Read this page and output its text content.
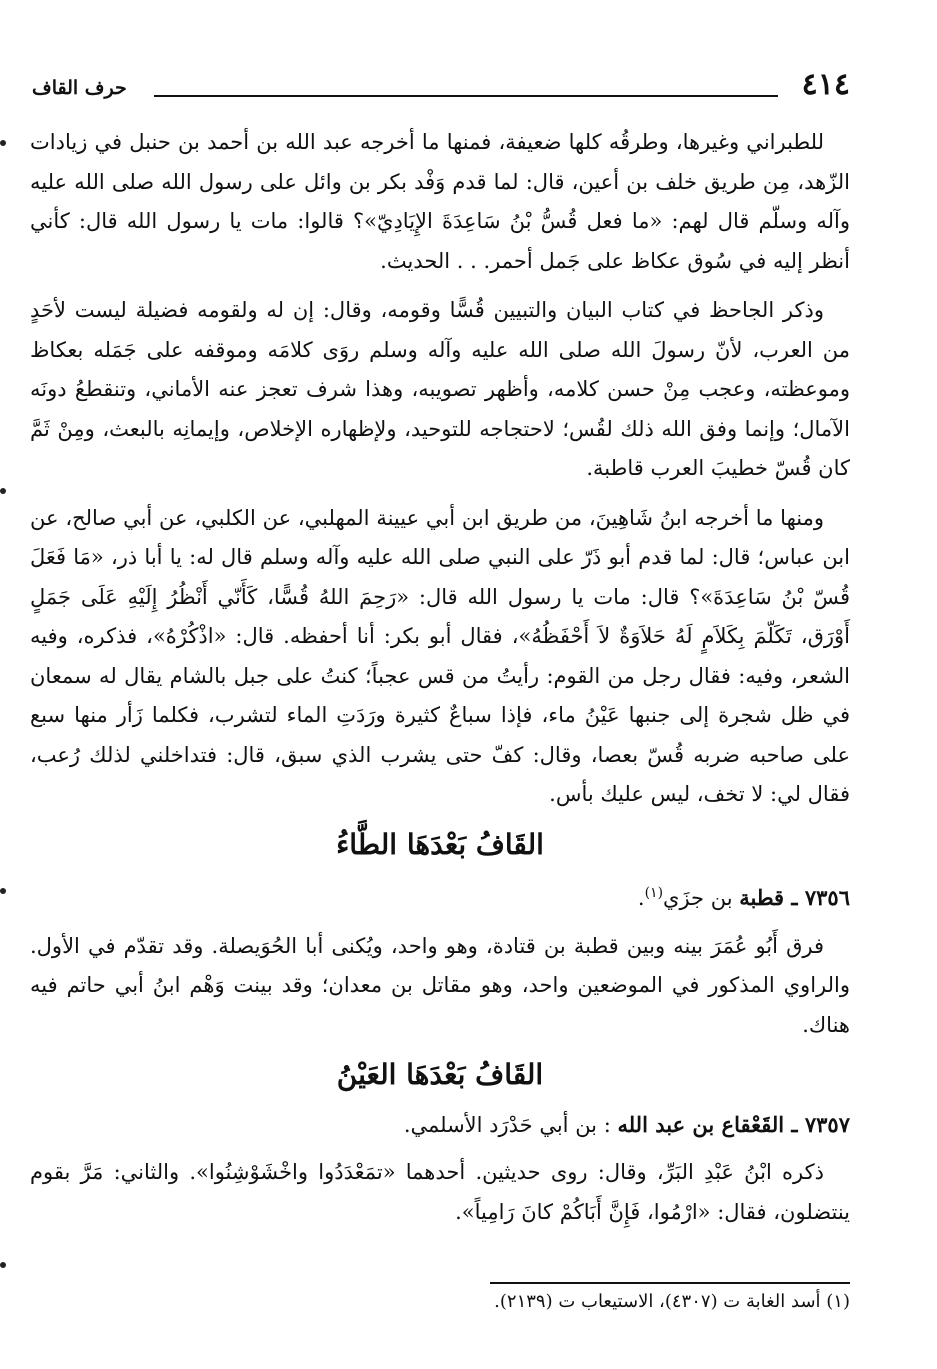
٤١٤
حرف القاف

للطبراني وغيرها، وطرقُه كلها ضعيفة، فمنها ما أخرجه عبد الله بن أحمد بن حنبل في زيادات الزّهد، مِن طريق خلف بن أعين، قال: لما قدم وَفْد بكر بن وائل على رسول الله صلى الله عليه وآله وسلّم قال لهم: «ما فعل قُسُّ بْنُ سَاعِدَةَ الإِيَادِيّ»؟ قالوا: مات يا رسول الله قال: كأني أنظر إليه في سُوق عكاظ على جَمل أحمر. . . الحديث.

وذكر الجاحظ في كتاب البيان والتبيين قُسًّا وقومه، وقال: إن له ولقومه فضيلة ليست لأحَدٍ من العرب، لأنّ رسولَ الله صلى الله عليه وآله وسلم روَى كلامَه وموقفه على جَمَله بعكاظ وموعظته، وعجب مِنْ حسن كلامه، وأظهر تصويبه، وهذا شرف تعجز عنه الأماني، وتنقطعُ دونَه الآمال؛ وإنما وفق الله ذلك لقُس؛ لاحتجاجه للتوحيد، ولإظهاره الإخلاص، وإيمانِه بالبعث، ومِنْ ثَمَّ كان قُسّ خطيبَ العرب قاطبة.

ومنها ما أخرجه ابنُ شَاهِينَ، من طريق ابن أبي عيينة المهلبي، عن الكلبي، عن أبي صالح، عن ابن عباس؛ قال: لما قدم أبو ذَرّ على النبي صلى الله عليه وآله وسلم قال له: يا أبا ذر، «مَا فَعَلَ قُسّ بْنُ سَاعِدَةَ»؟ قال: مات يا رسول الله قال: «رَحِمَ اللهُ قُسًّا، كَأَنّي أَنْظُرُ إِلَيْهِ عَلَى جَمَلٍ أَوْرَق، تَكَلّمَ بِكَلاَمٍ لَهُ حَلاَوَةٌ لاَ أَحْفَظُهُ»، فقال أبو بكر: أنا أحفظه. قال: «اذْكُرْهُ»، فذكره، وفيه الشعر، وفيه: فقال رجل من القوم: رأيتُ من قس عجباً؛ كنتُ على جبل بالشام يقال له سمعان في ظل شجرة إلى جنبها عَيْنُ ماء، فإذا سباعٌ كثيرة ورَدَتِ الماء لتشرب، فكلما زَأر منها سبع على صاحبه ضربه قُسّ بعصا، وقال: كفّ حتى يشرب الذي سبق، قال: فتداخلني لذلك رُعب، فقال لي: لا تخف، ليس عليك بأس.

القَافُ بَعْدَهَا الطَّاءُ

٧٣٥٦ ـ قطبة بن جزَي$^{(١)}$.

فرق أَبُو عُمَرَ بينه وبين قطبة بن قتادة، وهو واحد، ويُكنى أبا الحُوَيصلة. وقد تقدّم في الأول. والراوي المذكور في الموضعين واحد، وهو مقاتل بن معدان؛ وقد بينت وَهْم ابنُ أبي حاتم فيه هناك.

القَافُ بَعْدَهَا العَيْنُ

٧٣٥٧ ـ القَعْقاع بن عبد الله : بن أبي حَدْرَد الأسلمي.

ذكره ابْنُ عَبْدِ البَرِّ، وقال: روى حديثين. أحدهما «تمَعْدَدُوا واخْشَوْشِنُوا». والثاني: مَرَّ بقوم ينتضلون، فقال: «ارْمُوا، فَإِنَّ أَبَاكُمْ كانَ رَامِياً».

(١) أسد الغابة ت (٤٣٠٧)، الاستيعاب ت (٢١٣٩).
